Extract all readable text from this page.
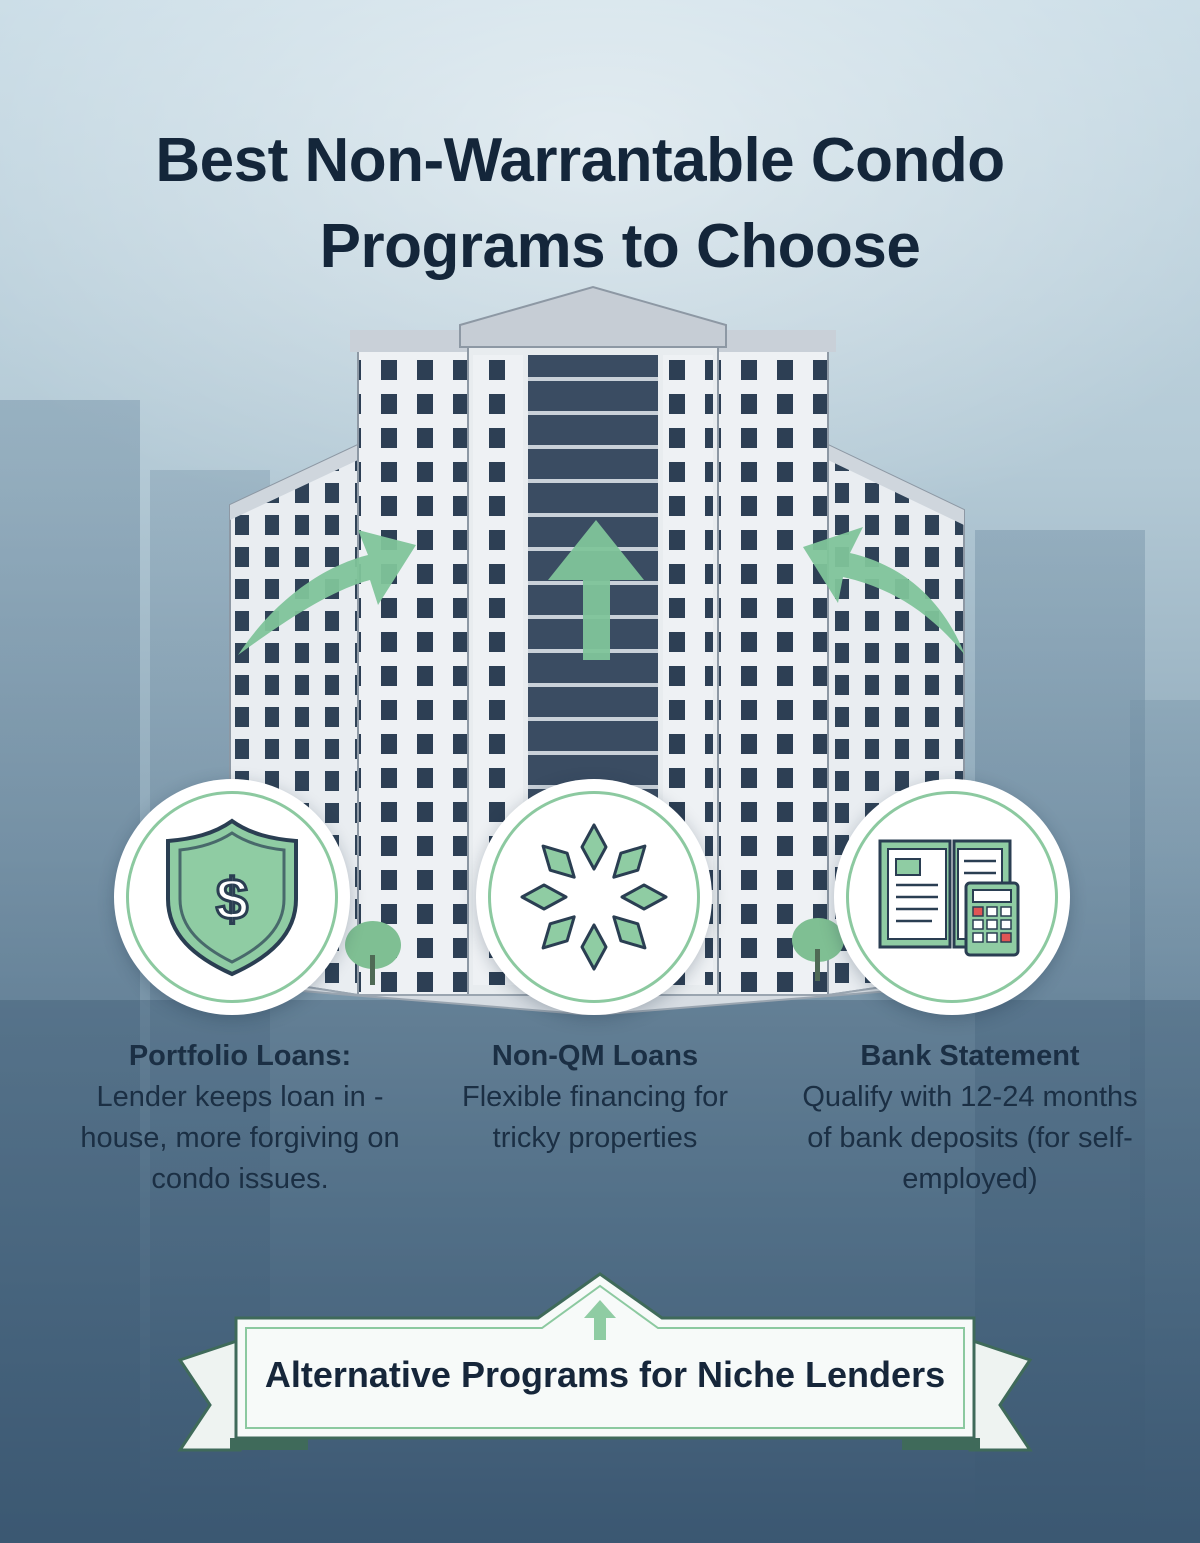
Best Non-Warrantable Condo
Programs to Choose
$
Portfolio Loans:
Lender keeps loan in -house, more forgiving on condo issues.
Non-QM Loans
Flexible financing for tricky properties
Bank Statement
Qualify with 12-24 months of bank deposits (for self-employed)
Alternative Programs for Niche Lenders
